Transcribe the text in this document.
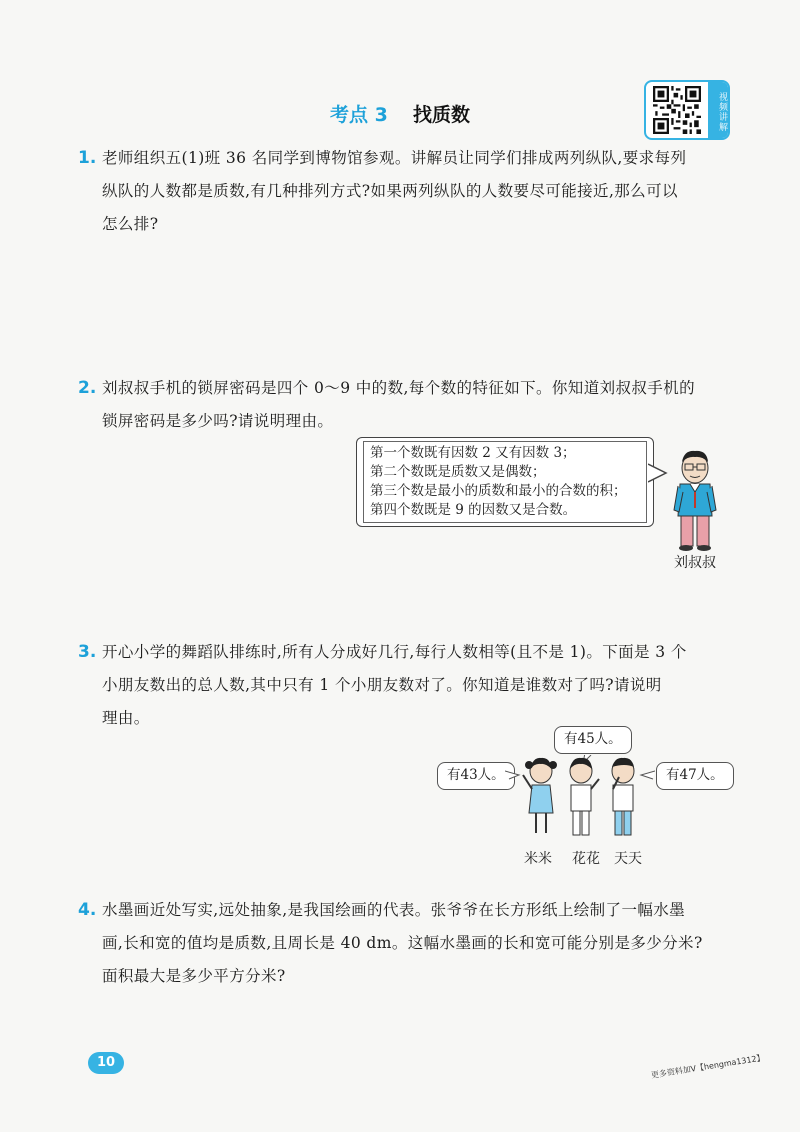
考点 3 找质数	视频讲解
1. 老师组织五(1)班 36 名同学到博物馆参观。讲解员让同学们排成两列纵队,要求每列
纵队的人数都是质数,有几种排列方式?如果两列纵队的人数要尽可能接近,那么可以
怎么排?
2. 刘叔叔手机的锁屏密码是四个 0～9 中的数,每个数的特征如下。你知道刘叔叔手机的
锁屏密码是多少吗?请说明理由。
第一个数既有因数 2 又有因数 3；
第二个数既是质数又是偶数；
第三个数是最小的质数和最小的合数的积；
第四个数既是 9 的因数又是合数。
刘叔叔
3. 开心小学的舞蹈队排练时,所有人分成好几行,每行人数相等(且不是 1)。下面是 3 个
小朋友数出的总人数,其中只有 1 个小朋友数对了。你知道是谁数对了吗?请说明
理由。
有43人。
有45人。
有47人。
米米 花花 天天
4. 水墨画近处写实,远处抽象,是我国绘画的代表。张爷爷在长方形纸上绘制了一幅水墨
画,长和宽的值均是质数,且周长是 40 dm。这幅水墨画的长和宽可能分别是多少分米?
面积最大是多少平方分米?
10	更多资料加V【hengma1312】
